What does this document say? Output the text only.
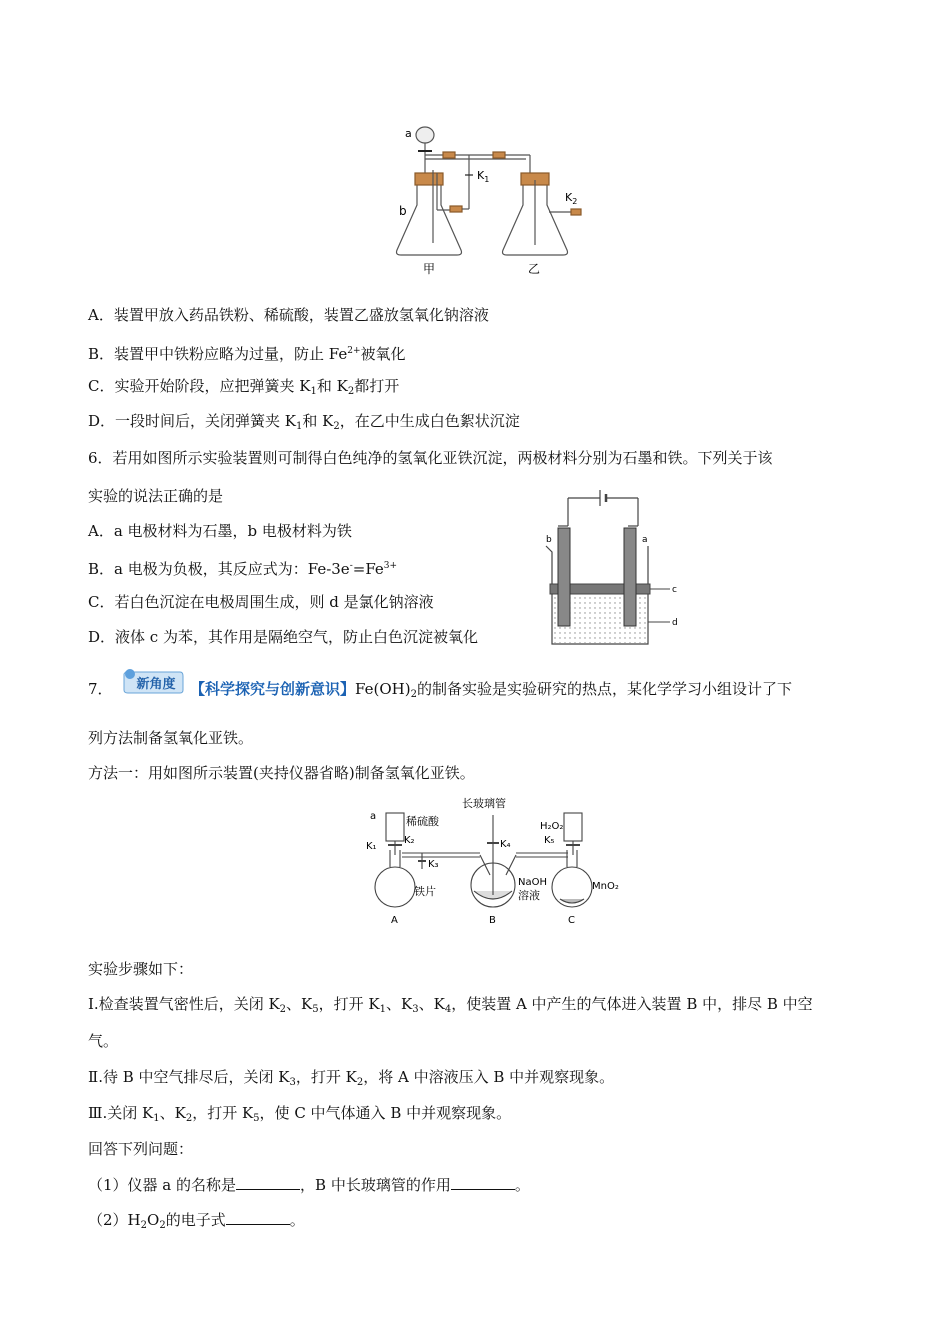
a
b
$K_1$
$K_2$
甲	乙
A．装置甲放入药品铁粉、稀硫酸，装置乙盛放氢氧化钠溶液
B．装置甲中铁粉应略为过量，防止 $Fe^{2+}$被氧化
C．实验开始阶段，应把弹簧夹 $K_1$和 $K_2$都打开
D．一段时间后，关闭弹簧夹 $K_1$和 $K_2$，在乙中生成白色絮状沉淀
6．若用如图所示实验装置则可制得白色纯净的氢氧化亚铁沉淀，两极材料分别为石墨和铁。下列关于该
实验的说法正确的是
A．a 电极材料为石墨，b 电极材料为铁
B．a 电极为负极，其反应式为：$Fe-3e^-=Fe^{3+}$
C．若白色沉淀在电极周围生成，则 d 是氯化钠溶液
D．液体 c 为苯，其作用是隔绝空气，防止白色沉淀被氧化
b	a
c
d
7． 新角度 【科学探究与创新意识】$Fe(OH)_2$的制备实验是实验研究的热点，某化学学习小组设计了下
列方法制备氢氧化亚铁。
方法一：用如图所示装置(夹持仪器省略)制备氢氧化亚铁。
a	稀硫酸
长玻璃管
H₂O₂
K₁
K₂
K₃
K₄	K₅
铁片
NaOH
溶液
MnO₂
A	B	C
实验步骤如下：
Ⅰ.检查装置气密性后，关闭 $K_2$、$K_5$，打开 $K_1$、$K_3$、$K_4$，使装置 A 中产生的气体进入装置 B 中，排尽 B 中空
气。
Ⅱ.待 B 中空气排尽后，关闭 $K_3$，打开 $K_2$，将 A 中溶液压入 B 中并观察现象。
Ⅲ.关闭 $K_1$、$K_2$，打开 $K_5$，使 C 中气体通入 B 中并观察现象。
回答下列问题：
（1）仪器 a 的名称是	，B 中长玻璃管的作用	。
$(2)H_2O_2$的电子式	。
